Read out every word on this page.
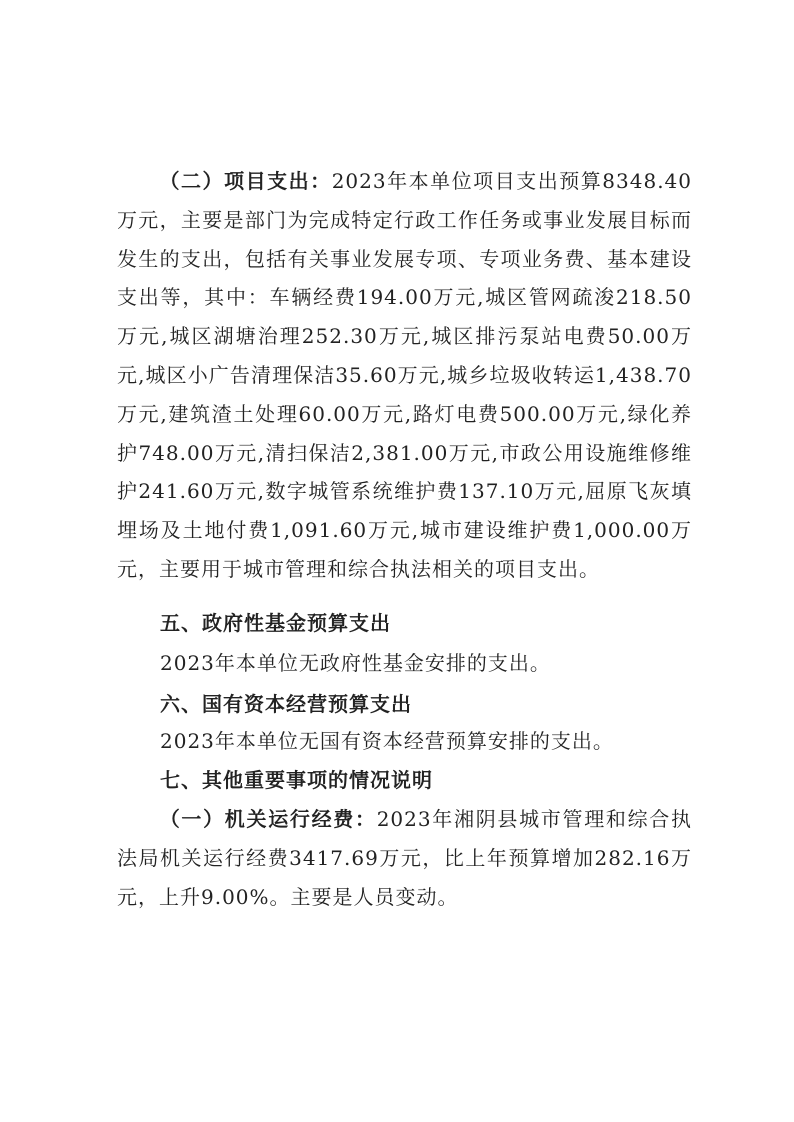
（二）项目支出：2023年本单位项目支出预算8348.40万元，主要是部门为完成特定行政工作任务或事业发展目标而发生的支出，包括有关事业发展专项、专项业务费、基本建设支出等，其中：车辆经费194.00万元,城区管网疏浚218.50万元,城区湖塘治理252.30万元,城区排污泵站电费50.00万元,城区小广告清理保洁35.60万元,城乡垃圾收转运1,438.70万元,建筑渣土处理60.00万元,路灯电费500.00万元,绿化养护748.00万元,清扫保洁2,381.00万元,市政公用设施维修维护241.60万元,数字城管系统维护费137.10万元,屈原飞灰填埋场及土地付费1,091.60万元,城市建设维护费1,000.00万元，主要用于城市管理和综合执法相关的项目支出。
五、政府性基金预算支出
2023年本单位无政府性基金安排的支出。
六、国有资本经营预算支出
2023年本单位无国有资本经营预算安排的支出。
七、其他重要事项的情况说明
（一）机关运行经费：2023年湘阴县城市管理和综合执法局机关运行经费3417.69万元，比上年预算增加282.16万元，上升9.00%。主要是人员变动。
